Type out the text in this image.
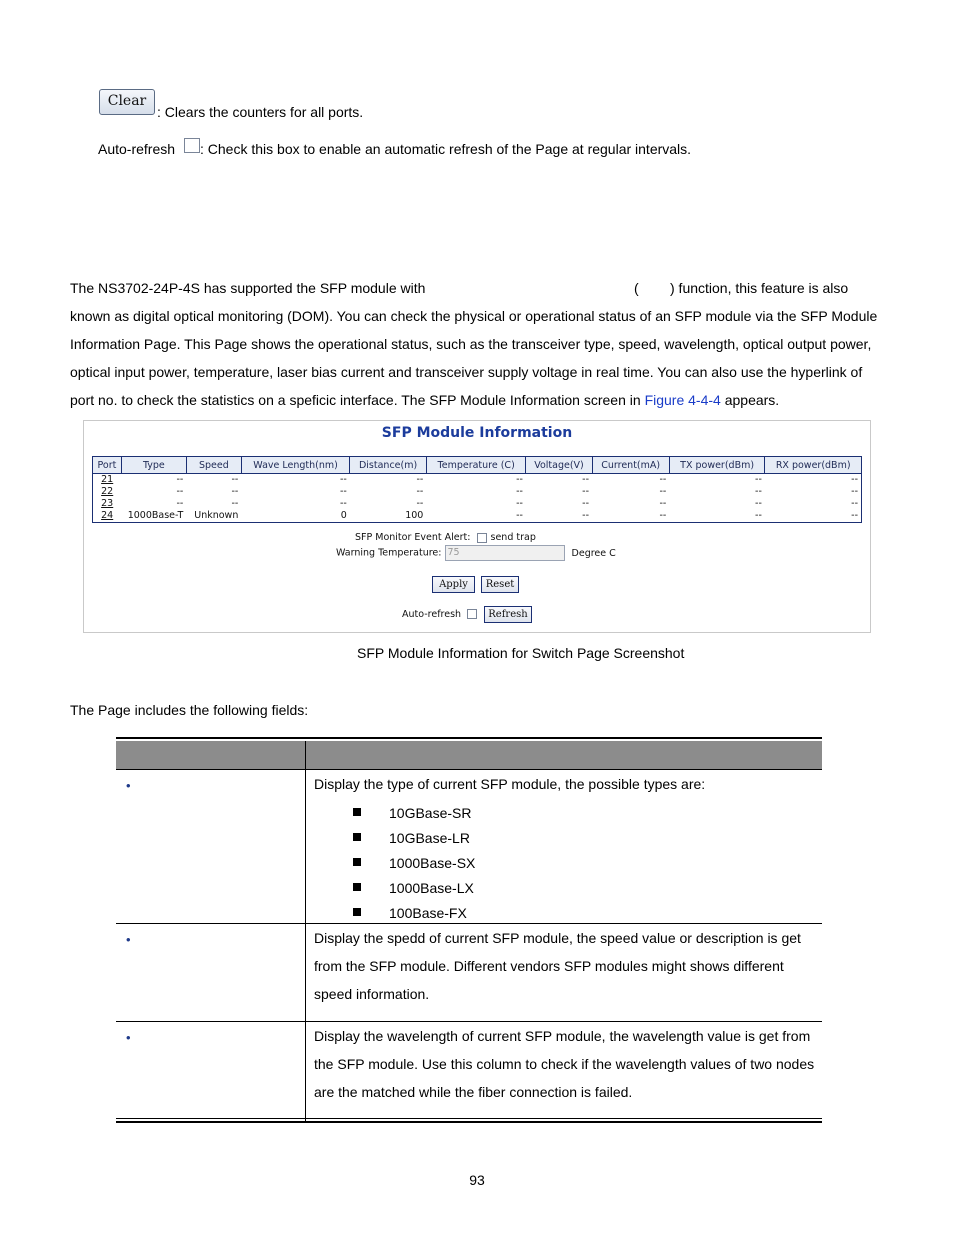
Clear
: Clears the counters for all ports.
Auto-refresh : Check this box to enable an automatic refresh of the Page at regular intervals.
The NS3702-24P-4S has supported the SFP module with	( ) function, this feature is also
known as digital optical monitoring (DOM). You can check the physical or operational status of an SFP module via the SFP Module
Information Page. This Page shows the operational status, such as the transceiver type, speed, wavelength, optical output power,
optical input power, temperature, laser bias current and transceiver supply voltage in real time. You can also use the hyperlink of
port no. to check the statistics on a speficic interface. The SFP Module Information screen in Figure 4-4-4 appears.
SFP Module Information
Port	Type	Speed	Wave Length(nm)	Distance(m)	Temperature (C)	Voltage(V)	Current(mA)	TX power(dBm)	RX power(dBm)
21	--	--	--	--	--	--	--	--	--
22	--	--	--	--	--	--	--	--	--
23	--	--	--	--	--	--	--	--	--
24	1000Base-T	Unknown	0	100	--	--	--	--	--
SFP Monitor Event Alert: send trap
Warning Temperature: 75	Degree C
Apply	Reset
Auto-refresh	Refresh
SFP Module Information for Switch Page Screenshot
The Page includes the following fields:
•	Display the type of current SFP module, the possible types are:
10GBase-SR
10GBase-LR
1000Base-SX
1000Base-LX
100Base-FX
•	Display the spedd of current SFP module, the speed value or description is get
from the SFP module. Different vendors SFP modules might shows different
speed information.
•	Display the wavelength of current SFP module, the wavelength value is get from
the SFP module. Use this column to check if the wavelength values of two nodes
are the matched while the fiber connection is failed.
93
